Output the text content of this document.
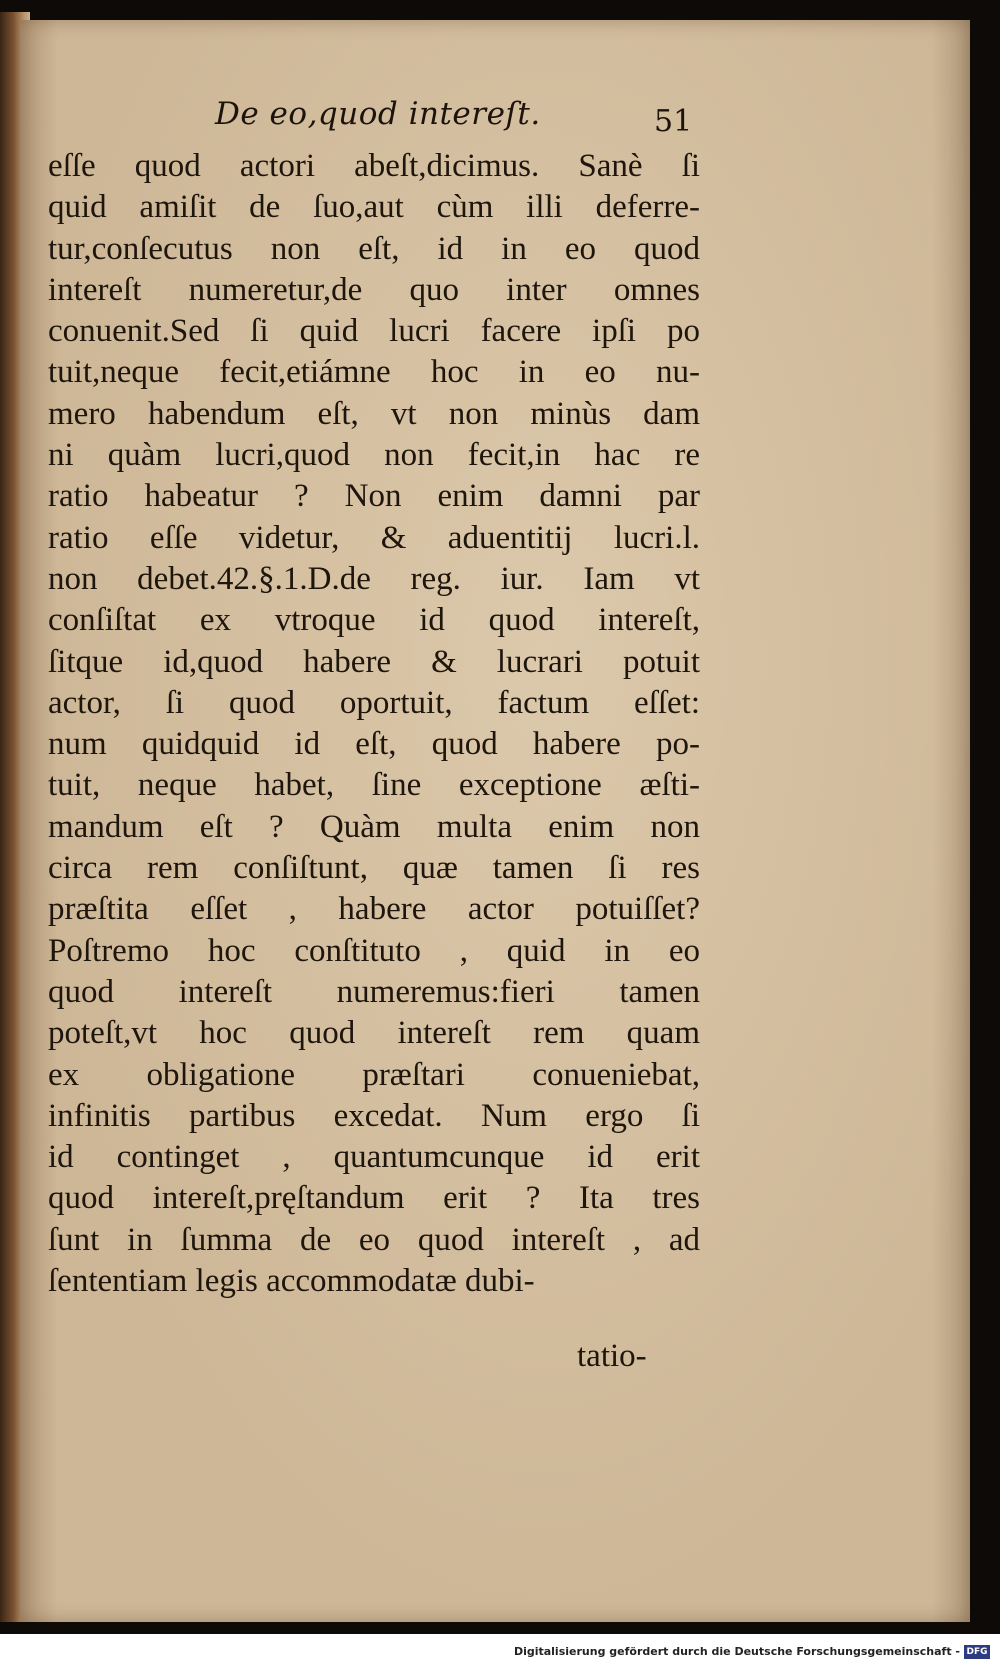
De eo,quod intereſt.	51
eſſe quod actori abeſt,dicimus. Sanè ſi
quid amiſit de ſuo,aut cùm illi deferre-
tur,conſecutus non eſt, id in eo quod
intereſt numeretur,de quo inter omnes
conuenit.Sed ſi quid lucri facere ipſi po
tuit,neque fecit,etiámne hoc in eo nu-
mero habendum eſt, vt non minùs dam
ni quàm lucri,quod non fecit,in hac re
ratio habeatur ? Non enim damni par
ratio eſſe videtur, & aduentitij lucri.l.
non debet.42.§.1.D.de reg. iur. Iam vt
conſiſtat ex vtroque id quod intereſt,
ſitque id,quod habere & lucrari potuit
actor, ſi quod oportuit, factum eſſet:
num quidquid id eſt, quod habere po-
tuit, neque habet, ſine exceptione æſti-
mandum eſt ? Quàm multa enim non
circa rem conſiſtunt, quæ tamen ſi res
præſtita eſſet , habere actor potuiſſet?
Poſtremo hoc conſtituto , quid in eo
quod intereſt numeremus:fieri tamen
poteſt,vt hoc quod intereſt rem quam
ex obligatione præſtari conueniebat,
infinitis partibus excedat. Num ergo ſi
id continget , quantumcunque id erit
quod intereſt,pręſtandum erit ? Ita tres
ſunt in ſumma de eo quod intereſt , ad
ſententiam legis accommodatæ dubi-
tatio-
Digitalisierung gefördert durch die Deutsche Forschungsgemeinschaft - DFG
